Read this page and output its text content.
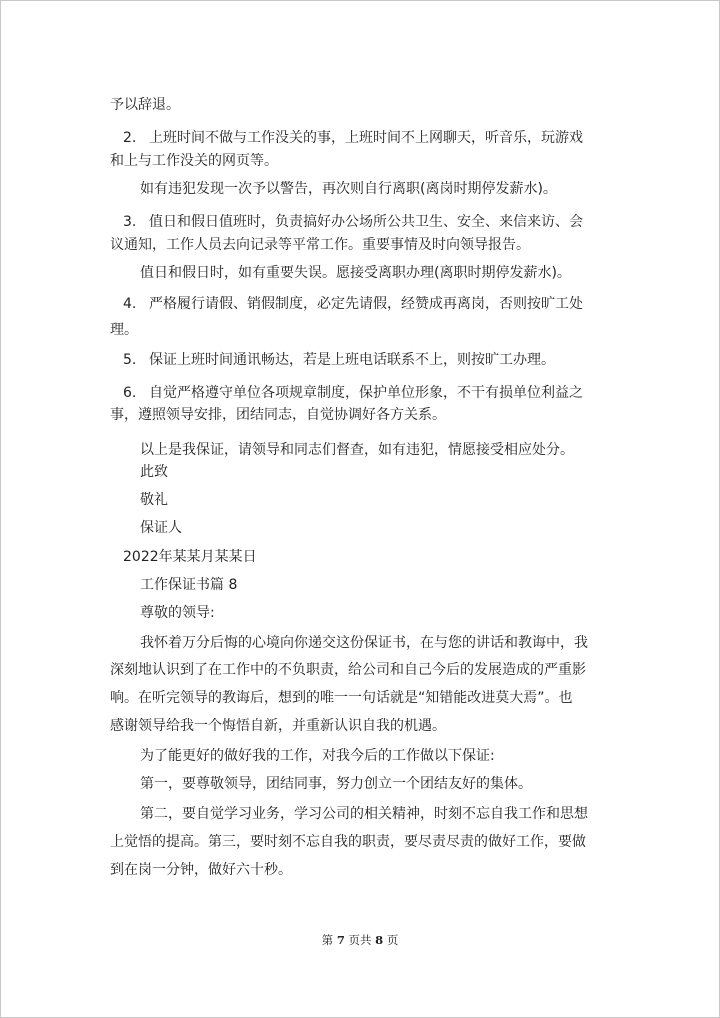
予以辞退。
2. 上班时间不做与工作没关的事，上班时间不上网聊天，听音乐，玩游戏
和上与工作没关的网页等。
如有违犯发现一次予以警告，再次则自行离职(离岗时期停发薪水)。
3. 值日和假日值班时，负责搞好办公场所公共卫生、安全、来信来访、会
议通知，工作人员去向记录等平常工作。重要事情及时向领导报告。
值日和假日时，如有重要失误。愿接受离职办理(离职时期停发薪水)。
4. 严格履行请假、销假制度，必定先请假，经赞成再离岗，否则按旷工处
理。
5. 保证上班时间通讯畅达，若是上班电话联系不上，则按旷工办理。
6. 自觉严格遵守单位各项规章制度，保护单位形象，不干有损单位利益之
事，遵照领导安排，团结同志，自觉协调好各方关系。
以上是我保证，请领导和同志们督查，如有违犯，情愿接受相应处分。
此致
敬礼
保证人
2022年某某月某某日
工作保证书篇 8
尊敬的领导:
我怀着万分后悔的心境向你递交这份保证书，在与您的讲话和教诲中，我
深刻地认识到了在工作中的不负职责，给公司和自己今后的发展造成的严重影
响。在听完领导的教诲后，想到的唯一一句话就是“知错能改进莫大焉”。也
感谢领导给我一个悔悟自新，并重新认识自我的机遇。
为了能更好的做好我的工作，对我今后的工作做以下保证:
第一，要尊敬领导，团结同事，努力创立一个团结友好的集体。
第二，要自觉学习业务，学习公司的相关精神，时刻不忘自我工作和思想
上觉悟的提高。第三，要时刻不忘自我的职责，要尽责尽责的做好工作，要做
到在岗一分钟，做好六十秒。
第 7 页共 8 页
